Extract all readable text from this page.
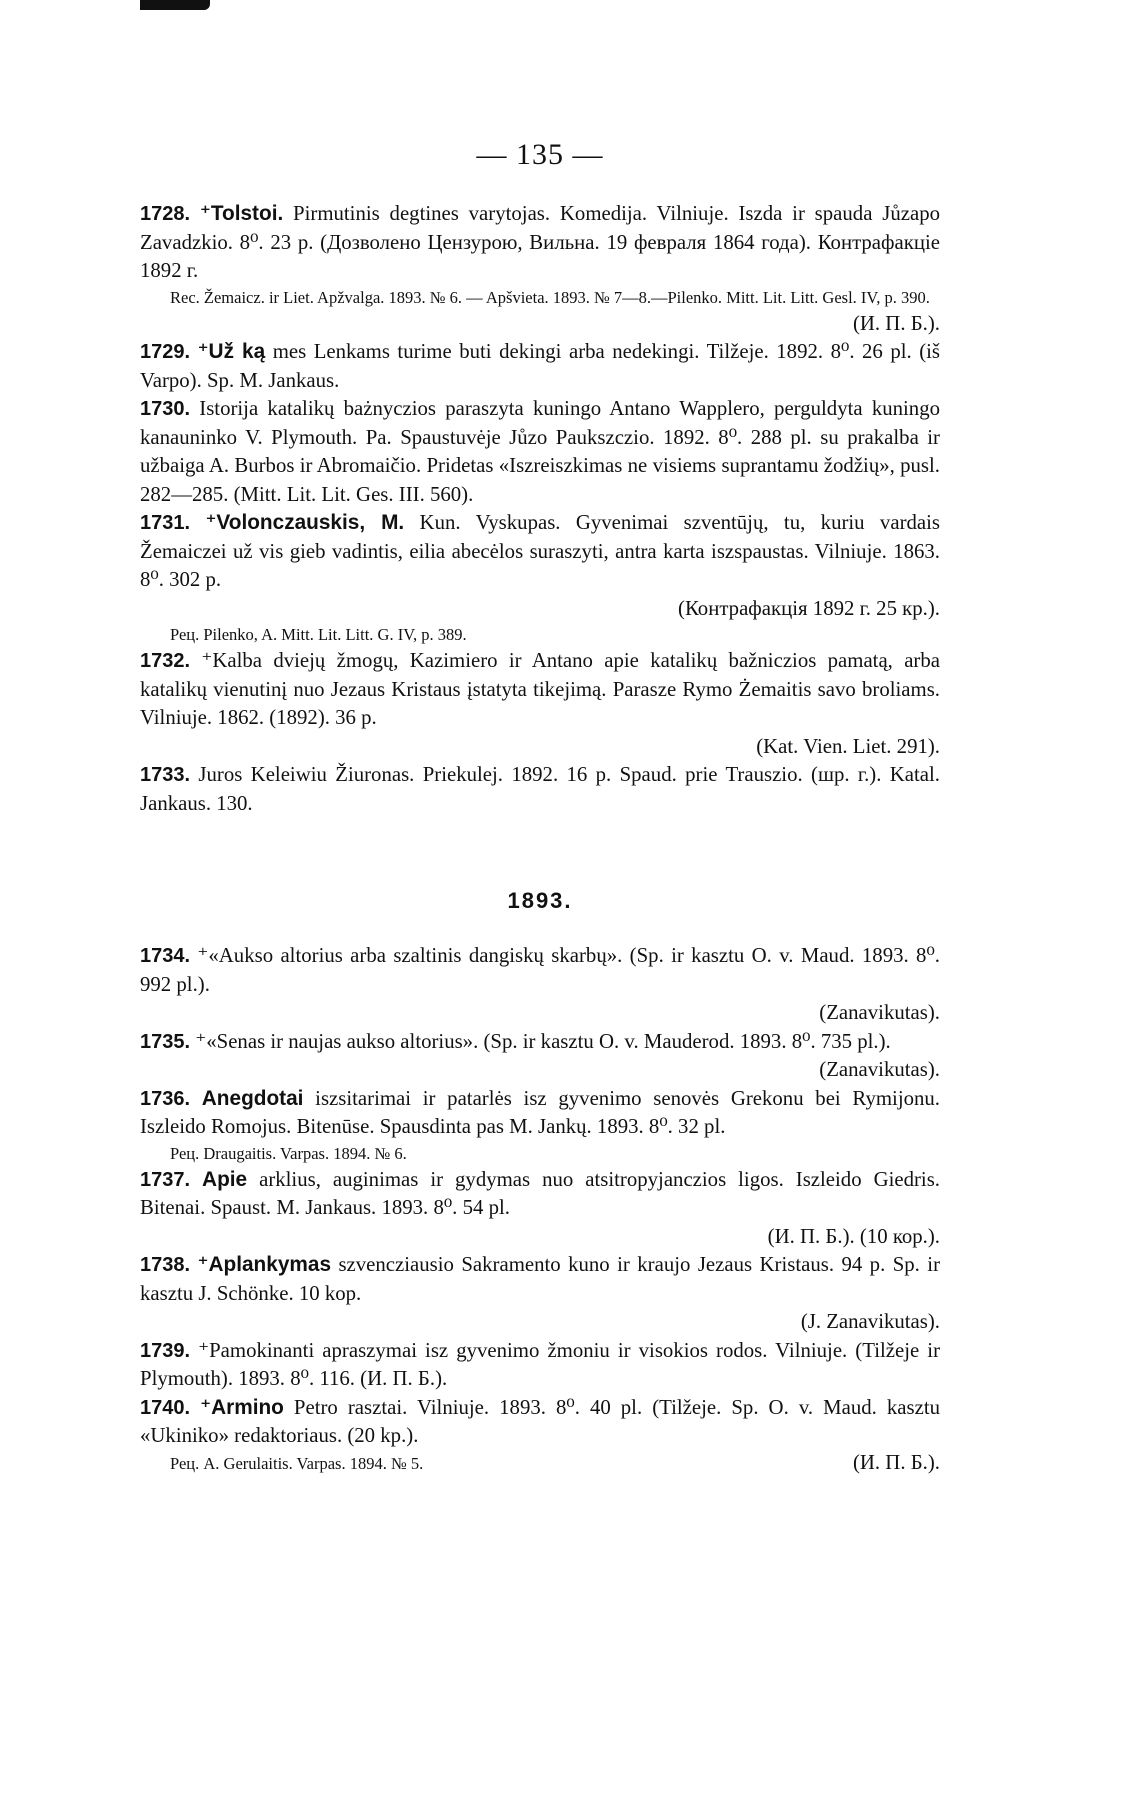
— 135 —

1728. ⁺Tolstoi. Pirmutinis degtines varytojas. Komedija. Vilniuje. Iszda ir spauda Jůzapo Zavadzkio. 8⁰. 23 p. (Дозволено Цензурою, Вильна. 19 февраля 1864 года). Контрафакціе 1892 г.
Rec. Žemaicz. ir Liet. Apžvalga. 1893. № 6. — Apšvieta. 1893. № 7—8.—Pilenko. Mitt. Lit. Litt. Gesl. IV, p. 390.
(И. П. Б.).

1729. ⁺Už ką mes Lenkams turime buti dekingi arba nedekingi. Tilžeje. 1892. 8⁰. 26 pl. (iš Varpo). Sp. M. Jankaus.

1730. Istorija katalikų bażnyczios paraszyta kuningo Antano Wapplero, perguldyta kuningo kanauninko V. Plymouth. Pa. Spaustuvėje Jůzo Paukszczio. 1892. 8⁰. 288 pl. su prakalba ir užbaiga A. Burbos ir Abromaičio. Pridetas «Iszreiszkimas ne visiems suprantamu žodžių», pusl. 282—285. (Mitt. Lit. Lit. Ges. III. 560).

1731. ⁺Volonczauskis, M. Kun. Vyskupas. Gyvenimai szventūjų, tu, kuriu vardais Žemaiczei už vis gieb vadintis, eilia abecėlos suraszyti, antra karta iszspaustas. Vilniuje. 1863. 8⁰. 302 p.
(Контрафакція 1892 г. 25 кр.).
Рец. Pilenko, A. Mitt. Lit. Litt. G. IV, p. 389.

1732. ⁺Kalba dviejų žmogų, Kazimiero ir Antano apie katalikų bažniczios pamatą, arba katalikų vienutinį nuo Jezaus Kristaus įstatyta tikejimą. Parasze Rymo Żemaitis savo broliams. Vilniuje. 1862. (1892). 36 p.
(Kat. Vien. Liet. 291).

1733. Juros Keleiwiu Žiuronas. Priekulej. 1892. 16 p. Spaud. prie Trauszio. (шр. г.). Katal. Jankaus. 130.

1893.

1734. ⁺«Aukso altorius arba szaltinis dangiskų skarbų». (Sp. ir kasztu O. v. Maud. 1893. 8⁰. 992 pl.).
(Zanavikutas).

1735. ⁺«Senas ir naujas aukso altorius». (Sp. ir kasztu O. v. Mauderod. 1893. 8⁰. 735 pl.).
(Zanavikutas).

1736. Anegdotai iszsitarimai ir patarlės isz gyvenimo senovės Grekonu bei Rymijonu. Iszleido Romojus. Bitenūse. Spausdinta pas M. Jankų. 1893. 8⁰. 32 pl.
Рец. Draugaitis. Varpas. 1894. № 6.

1737. Apie arklius, auginimas ir gydymas nuo atsitropyjanczios ligos. Iszleido Giedris. Bitenai. Spaust. M. Jankaus. 1893. 8⁰. 54 pl.
(И. П. Б.). (10 кор.).

1738. ⁺Aplankymas szvencziausio Sakramento kuno ir kraujo Jezaus Kristaus. 94 p. Sp. ir kasztu J. Schönke. 10 kop.
(J. Zanavikutas).

1739. ⁺Pamokinanti apraszymai isz gyvenimo žmoniu ir visokios rodos. Vilniuje. (Tilžeje ir Plymouth). 1893. 8⁰. 116. (И. П. Б.).

1740. ⁺Armino Petro rasztai. Vilniuje. 1893. 8⁰. 40 pl. (Tilžeje. Sp. O. v. Maud. kasztu «Ukiniko» redaktoriaus. (20 kp.).
Рец. A. Gerulaitis. Varpas. 1894. № 5.	(И. П. Б.).
